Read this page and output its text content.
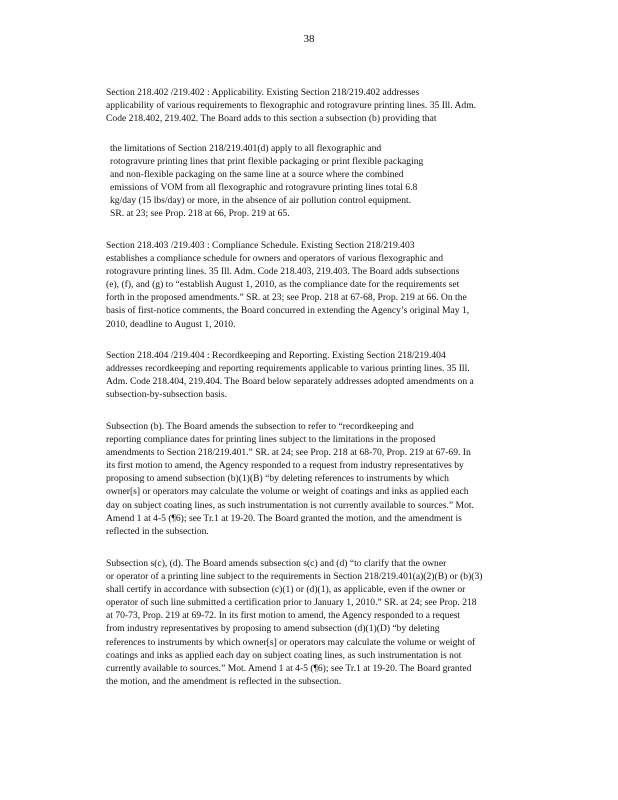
38
Section 218.402 /219.402 : Applicability. Existing Section 218/219.402 addresses
applicability of various requirements to flexographic and rotogravure printing lines. 35 Ill. Adm.
Code 218.402, 219.402. The Board adds to this section a subsection (b) providing that
the limitations of Section 218/219.401(d) apply to all flexographic and
rotogravure printing lines that print flexible packaging or print flexible packaging
and non-flexible packaging on the same line at a source where the combined
emissions of VOM from all flexographic and rotogravure printing lines total 6.8
kg/day (15 lbs/day) or more, in the absence of air pollution control equipment.
SR. at 23; see Prop. 218 at 66, Prop. 219 at 65.
Section 218.403 /219.403 : Compliance Schedule. Existing Section 218/219.403
establishes a compliance schedule for owners and operators of various flexographic and
rotogravure printing lines. 35 Ill. Adm. Code 218.403, 219.403. The Board adds subsections
(e), (f), and (g) to “establish August 1, 2010, as the compliance date for the requirements set
forth in the proposed amendments.” SR. at 23; see Prop. 218 at 67-68, Prop. 219 at 66. On the
basis of first-notice comments, the Board concurred in extending the Agency’s original May 1,
2010, deadline to August 1, 2010.
Section 218.404 /219.404 : Recordkeeping and Reporting. Existing Section 218/219.404
addresses recordkeeping and reporting requirements applicable to various printing lines. 35 Ill.
Adm. Code 218.404, 219.404. The Board below separately addresses adopted amendments on a
subsection-by-subsection basis.
Subsection (b). The Board amends the subsection to refer to “recordkeeping and
reporting compliance dates for printing lines subject to the limitations in the proposed
amendments to Section 218/219.401.” SR. at 24; see Prop. 218 at 68-70, Prop. 219 at 67-69. In
its first motion to amend, the Agency responded to a request from industry representatives by
proposing to amend subsection (b)(1)(B) “by deleting references to instruments by which
owner[s] or operators may calculate the volume or weight of coatings and inks as applied each
day on subject coating lines, as such instrumentation is not currently available to sources.” Mot.
Amend 1 at 4-5 (¶6); see Tr.1 at 19-20. The Board granted the motion, and the amendment is
reflected in the subsection.
Subsection s(c), (d). The Board amends subsection s(c) and (d) “to clarify that the owner
or operator of a printing line subject to the requirements in Section 218/219.401(a)(2)(B) or (b)(3)
shall certify in accordance with subsection (c)(1) or (d)(1), as applicable, even if the owner or
operator of such line submitted a certification prior to January 1, 2010.” SR. at 24; see Prop. 218
at 70-73, Prop. 219 at 69-72. In its first motion to amend, the Agency responded to a request
from industry representatives by proposing to amend subsection (d)(1)(D) “by deleting
references to instruments by which owner[s] or operators may calculate the volume or weight of
coatings and inks as applied each day on subject coating lines, as such instrumentation is not
currently available to sources.” Mot. Amend 1 at 4-5 (¶6); see Tr.1 at 19-20. The Board granted
the motion, and the amendment is reflected in the subsection.
